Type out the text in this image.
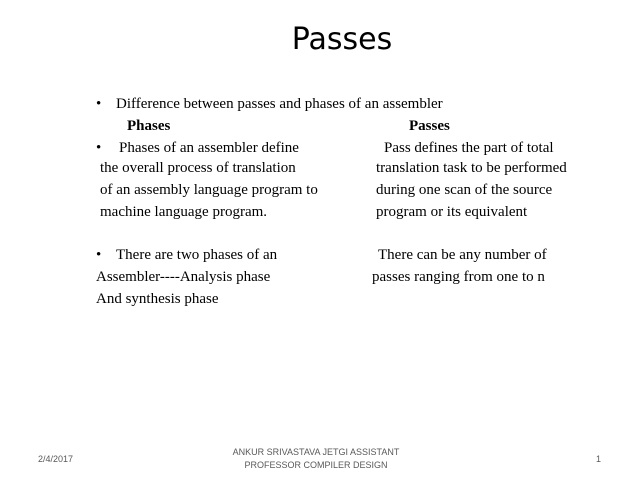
Passes
• Difference between passes and phases of an assembler
Phases	Passes
• Phases of an assembler define
the overall process of translation
of an assembly language program to
machine language program.
Pass defines the part of total
translation task to be performed
during one scan of the source
program or its equivalent
• There are two phases of an
Assembler----Analysis phase
And synthesis phase
There can be any number of
passes ranging from one to n
2/4/2017
ANKUR SRIVASTAVA JETGI ASSISTANT
PROFESSOR COMPILER DESIGN
1
